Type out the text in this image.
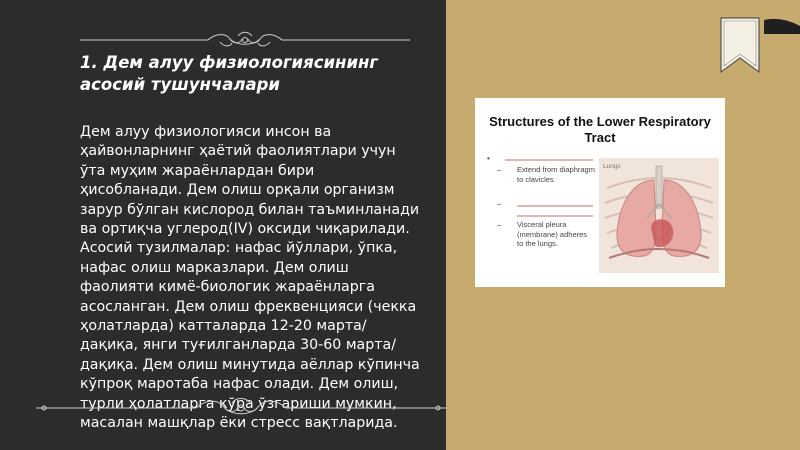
1. Дем алуу физиологиясининг асосий тушунчалари

Дем алуу физиологияси инсон ва ҳайвонларнинг ҳаётий фаолиятлари учун ўта муҳим жараёнлардан бири ҳисобланади. Дем олиш орқали организм зарур бўлган кислород билан таъминланади ва ортиқча углерод(IV) оксиди чиқарилади. Асосий тузилмалар: нафас йўллари, ўпка, нафас олиш марказлари. Дем олиш фаолияти кимё-биологик жараёнларга асосланган. Дем олиш фреквенцияси (чекка ҳолатларда) катталарда 12-20 марта/дақиқа, янги туғилганларда 30-60 марта/дақиқа. Дем олиш минутида аёллар кўпинча кўпроқ маротаба нафас олади. Дем олиш, турли ҳолатларга кўра ўзгариши мумкин, масалан машқлар ёки стресс вақтларида.

Structures of the Lower Respiratory Tract
•
– Extend from diaphragm to clavicles
–
– Visceral pleura (membrane) adheres to the lungs.
Lungs
